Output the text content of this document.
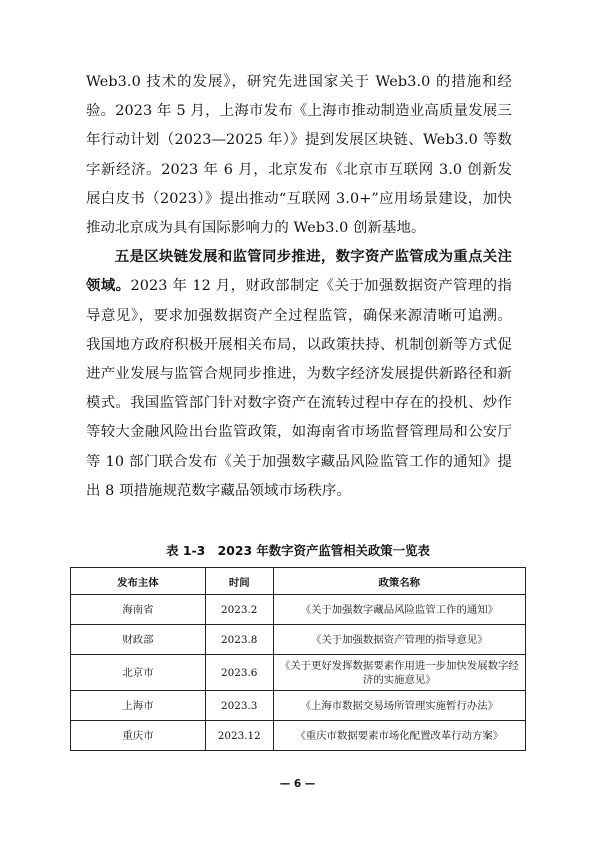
Web3.0 技术的发展》，研究先进国家关于 Web3.0 的措施和经验。2023 年 5 月，上海市发布《上海市推动制造业高质量发展三年行动计划（2023—2025 年）》提到发展区块链、Web3.0 等数字新经济。2023 年 6 月，北京发布《北京市互联网 3.0 创新发展白皮书（2023）》提出推动“互联网 3.0+”应用场景建设，加快推动北京成为具有国际影响力的 Web3.0 创新基地。

五是区块链发展和监管同步推进，数字资产监管成为重点关注领域。2023 年 12 月，财政部制定《关于加强数据资产管理的指导意见》，要求加强数据资产全过程监管，确保来源清晰可追溯。我国地方政府积极开展相关布局，以政策扶持、机制创新等方式促进产业发展与监管合规同步推进，为数字经济发展提供新路径和新模式。我国监管部门针对数字资产在流转过程中存在的投机、炒作等较大金融风险出台监管政策，如海南省市场监督管理局和公安厅等 10 部门联合发布《关于加强数字藏品风险监管工作的通知》提出 8 项措施规范数字藏品领域市场秩序。

表 1-3　2023 年数字资产监管相关政策一览表
发布主体	时间	政策名称
海南省	2023.2	《关于加强数字藏品风险监管工作的通知》
财政部	2023.8	《关于加强数据资产管理的指导意见》
北京市	2023.6	《关于更好发挥数据要素作用进一步加快发展数字经济的实施意见》
上海市	2023.3	《上海市数据交易场所管理实施暂行办法》
重庆市	2023.12	《重庆市数据要素市场化配置改革行动方案》
— 6 —
